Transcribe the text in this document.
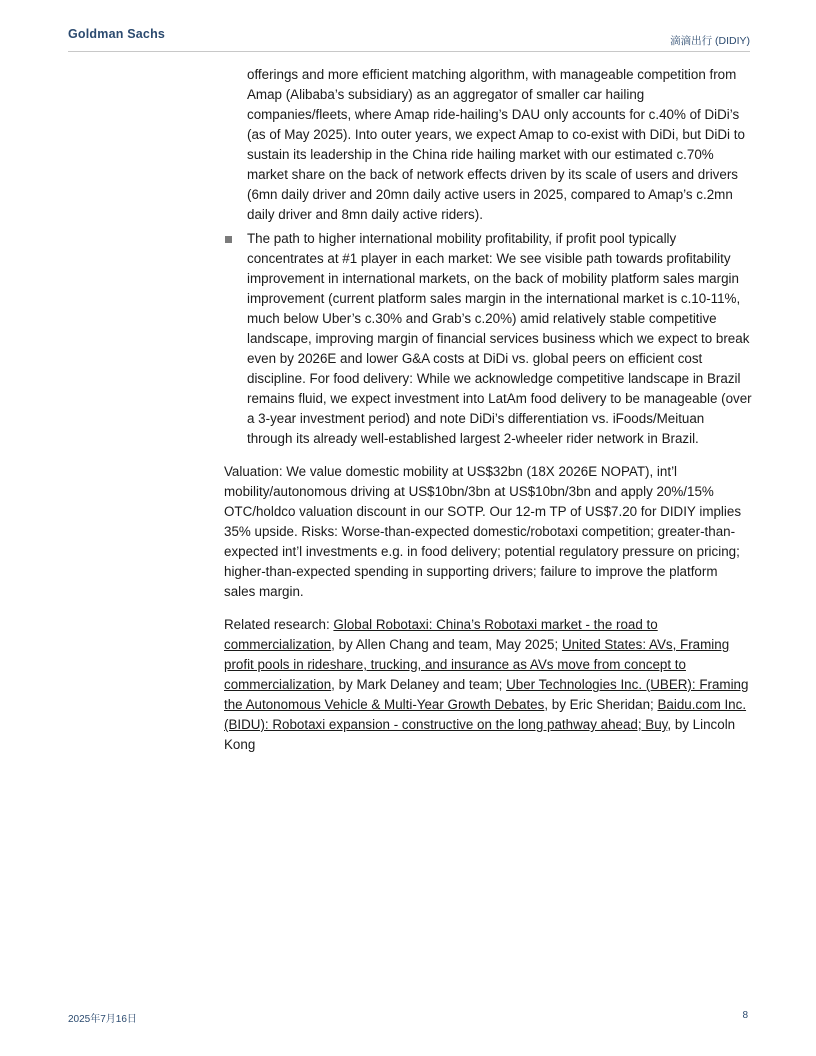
Goldman Sachs	滴滴出行 (DIDIY)

offerings and more efficient matching algorithm, with manageable competition from Amap (Alibaba’s subsidiary) as an aggregator of smaller car hailing companies/fleets, where Amap ride-hailing’s DAU only accounts for c.40% of DiDi’s (as of May 2025). Into outer years, we expect Amap to co-exist with DiDi, but DiDi to sustain its leadership in the China ride hailing market with our estimated c.70% market share on the back of network effects driven by its scale of users and drivers (6mn daily driver and 20mn daily active users in 2025, compared to Amap’s c.2mn daily driver and 8mn daily active riders).

The path to higher international mobility profitability, if profit pool typically concentrates at #1 player in each market: We see visible path towards profitability improvement in international markets, on the back of mobility platform sales margin improvement (current platform sales margin in the international market is c.10-11%, much below Uber’s c.30% and Grab’s c.20%) amid relatively stable competitive landscape, improving margin of financial services business which we expect to break even by 2026E and lower G&A costs at DiDi vs. global peers on efficient cost discipline. For food delivery: While we acknowledge competitive landscape in Brazil remains fluid, we expect investment into LatAm food delivery to be manageable (over a 3-year investment period) and note DiDi’s differentiation vs. iFoods/Meituan through its already well-established largest 2-wheeler rider network in Brazil.

Valuation: We value domestic mobility at US$32bn (18X 2026E NOPAT), int’l mobility/autonomous driving at US$10bn/3bn at US$10bn/3bn and apply 20%/15% OTC/holdco valuation discount in our SOTP. Our 12-m TP of US$7.20 for DIDIY implies 35% upside. Risks: Worse-than-expected domestic/robotaxi competition; greater-than-expected int’l investments e.g. in food delivery; potential regulatory pressure on pricing; higher-than-expected spending in supporting drivers; failure to improve the platform sales margin.

Related research: Global Robotaxi: China’s Robotaxi market - the road to commercialization, by Allen Chang and team, May 2025; United States: AVs, Framing profit pools in rideshare, trucking, and insurance as AVs move from concept to commercialization, by Mark Delaney and team; Uber Technologies Inc. (UBER): Framing the Autonomous Vehicle & Multi-Year Growth Debates, by Eric Sheridan; Baidu.com Inc. (BIDU): Robotaxi expansion - constructive on the long pathway ahead; Buy, by Lincoln Kong

2025年7月16日	8
